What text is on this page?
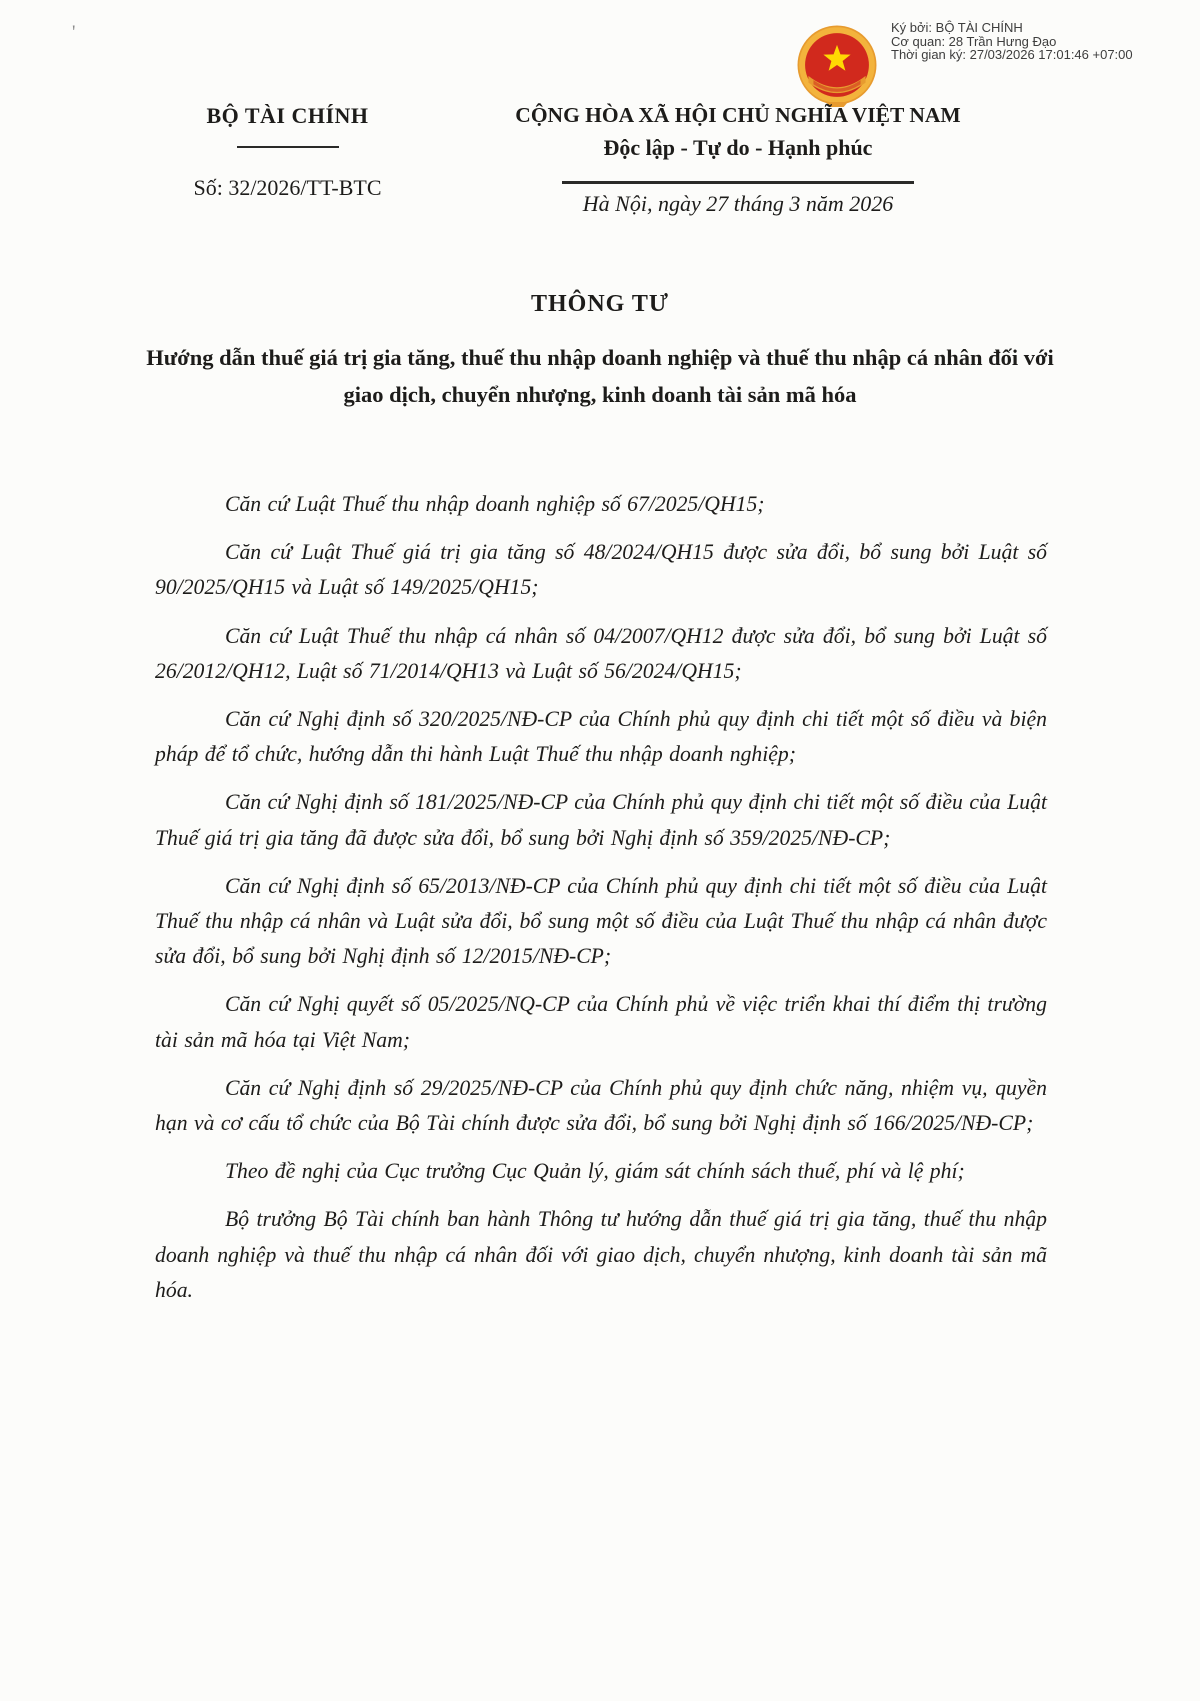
'	Ký bởi: BỘ TÀI CHÍNH
Cơ quan: 28 Trần Hưng Đạo
Thời gian ký: 27/03/2026 17:01:46 +07:00
BỘ TÀI CHÍNH
Số: 32/2026/TT-BTC
CỘNG HÒA XÃ HỘI CHỦ NGHĨA VIỆT NAM
Độc lập - Tự do - Hạnh phúc
Hà Nội, ngày 27 tháng 3 năm 2026
THÔNG TƯ
Hướng dẫn thuế giá trị gia tăng, thuế thu nhập doanh nghiệp và thuế thu nhập cá nhân đối với giao dịch, chuyển nhượng, kinh doanh tài sản mã hóa

Căn cứ Luật Thuế thu nhập doanh nghiệp số 67/2025/QH15;

Căn cứ Luật Thuế giá trị gia tăng số 48/2024/QH15 được sửa đổi, bổ sung bởi Luật số 90/2025/QH15 và Luật số 149/2025/QH15;

Căn cứ Luật Thuế thu nhập cá nhân số 04/2007/QH12 được sửa đổi, bổ sung bởi Luật số 26/2012/QH12, Luật số 71/2014/QH13 và Luật số 56/2024/QH15;

Căn cứ Nghị định số 320/2025/NĐ-CP của Chính phủ quy định chi tiết một số điều và biện pháp để tổ chức, hướng dẫn thi hành Luật Thuế thu nhập doanh nghiệp;

Căn cứ Nghị định số 181/2025/NĐ-CP của Chính phủ quy định chi tiết một số điều của Luật Thuế giá trị gia tăng đã được sửa đổi, bổ sung bởi Nghị định số 359/2025/NĐ-CP;

Căn cứ Nghị định số 65/2013/NĐ-CP của Chính phủ quy định chi tiết một số điều của Luật Thuế thu nhập cá nhân và Luật sửa đổi, bổ sung một số điều của Luật Thuế thu nhập cá nhân được sửa đổi, bổ sung bởi Nghị định số 12/2015/NĐ-CP;

Căn cứ Nghị quyết số 05/2025/NQ-CP của Chính phủ về việc triển khai thí điểm thị trường tài sản mã hóa tại Việt Nam;

Căn cứ Nghị định số 29/2025/NĐ-CP của Chính phủ quy định chức năng, nhiệm vụ, quyền hạn và cơ cấu tổ chức của Bộ Tài chính được sửa đổi, bổ sung bởi Nghị định số 166/2025/NĐ-CP;

Theo đề nghị của Cục trưởng Cục Quản lý, giám sát chính sách thuế, phí và lệ phí;

Bộ trưởng Bộ Tài chính ban hành Thông tư hướng dẫn thuế giá trị gia tăng, thuế thu nhập doanh nghiệp và thuế thu nhập cá nhân đối với giao dịch, chuyển nhượng, kinh doanh tài sản mã hóa.
